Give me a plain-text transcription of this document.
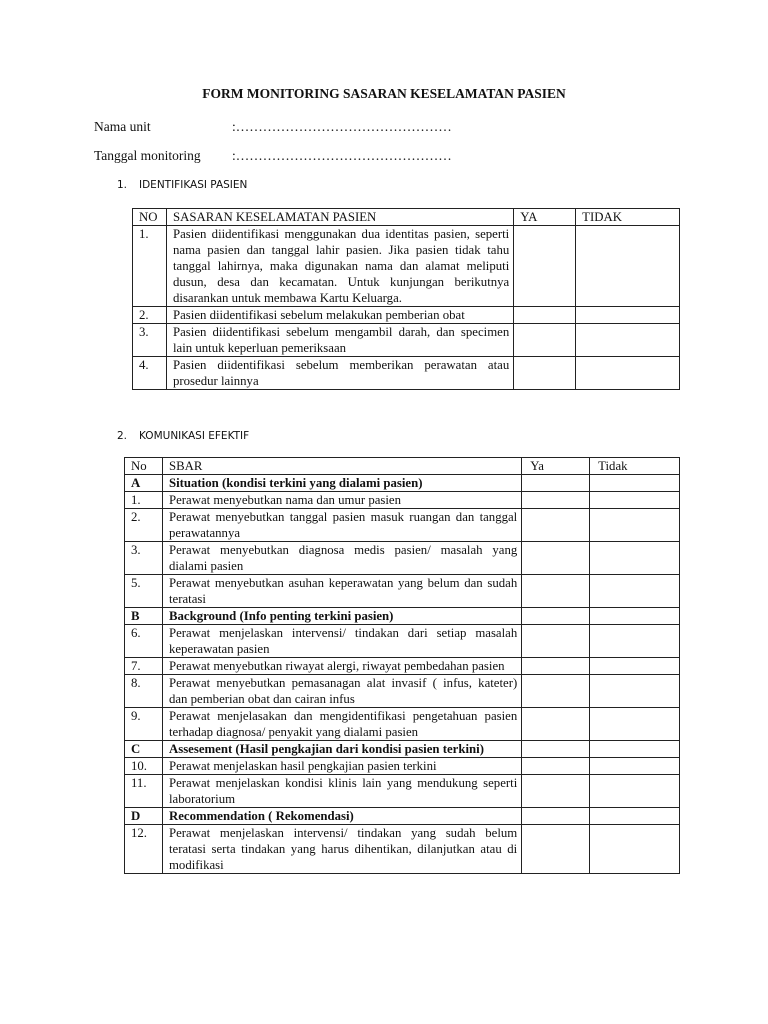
FORM MONITORING SASARAN KESELAMATAN PASIEN
Nama unit	:…………………………………………
Tanggal monitoring :…………………………………………
1. IDENTIFIKASI PASIEN
NO	SASARAN KESELAMATAN PASIEN	YA	TIDAK
1.	Pasien diidentifikasi menggunakan dua identitas pasien, seperti nama pasien dan tanggal lahir pasien. Jika pasien tidak tahu tanggal lahirnya, maka digunakan nama dan alamat meliputi dusun, desa dan kecamatan. Untuk kunjungan berikutnya disarankan untuk membawa Kartu Keluarga.		
2.	Pasien diidentifikasi sebelum melakukan pemberian obat		
3.	Pasien diidentifikasi sebelum mengambil darah, dan specimen lain untuk keperluan pemeriksaan		
4.	Pasien diidentifikasi sebelum memberikan perawatan atau prosedur lainnya		
2. KOMUNIKASI EFEKTIF
No	SBAR	Ya	Tidak
A	Situation (kondisi terkini yang dialami pasien)		
1.	Perawat menyebutkan nama dan umur pasien		
2.	Perawat menyebutkan tanggal pasien masuk ruangan dan tanggal perawatannya		
3.	Perawat menyebutkan diagnosa medis pasien/ masalah yang dialami pasien		
5.	Perawat menyebutkan asuhan keperawatan yang belum dan sudah teratasi		
B	Background (Info penting terkini pasien)		
6.	Perawat menjelaskan intervensi/ tindakan dari setiap masalah keperawatan pasien		
7.	Perawat menyebutkan riwayat alergi, riwayat pembedahan pasien		
8.	Perawat menyebutkan pemasanagan alat invasif ( infus, kateter) dan pemberian obat dan cairan infus		
9.	Perawat menjelasakan dan mengidentifikasi pengetahuan pasien terhadap diagnosa/ penyakit yang dialami pasien		
C	Assesement (Hasil pengkajian dari kondisi pasien terkini)		
10.	Perawat menjelaskan hasil pengkajian pasien terkini		
11.	Perawat menjelaskan kondisi klinis lain yang mendukung seperti laboratorium		
D	Recommendation ( Rekomendasi)		
12.	Perawat menjelaskan intervensi/ tindakan yang sudah belum teratasi serta tindakan yang harus dihentikan, dilanjutkan atau di modifikasi		
